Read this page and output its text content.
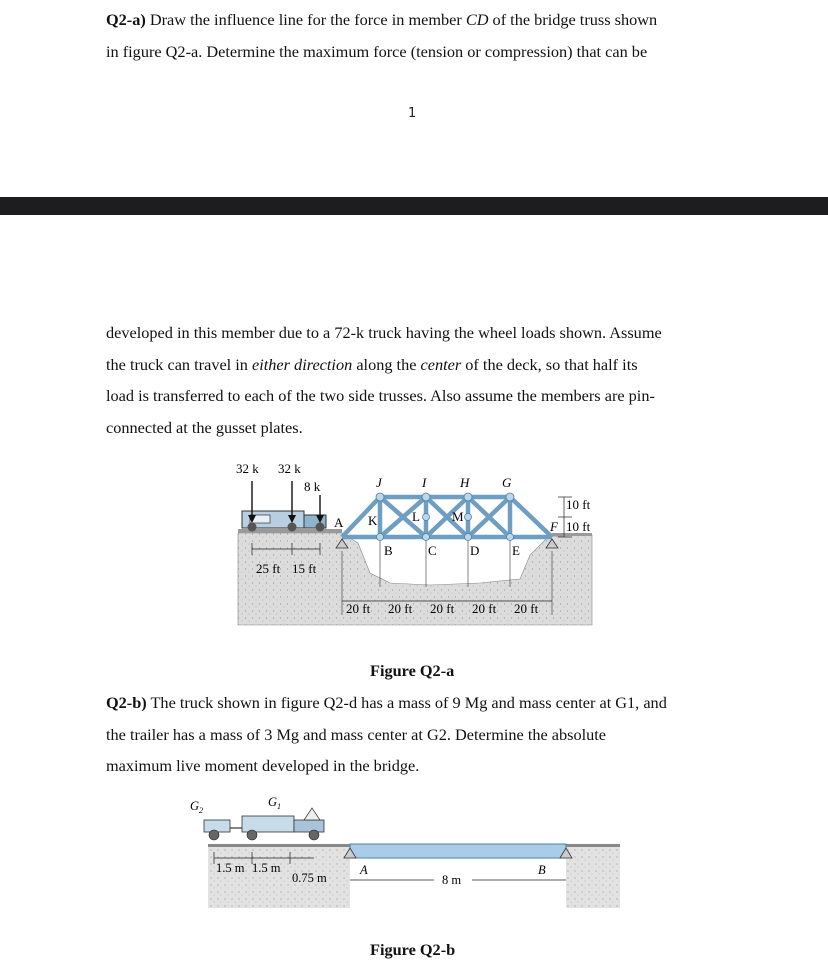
Q2-a) Draw the influence line for the force in member CD of the bridge truss shown
in figure Q2-a. Determine the maximum force (tension or compression) that can be
1
developed in this member due to a 72-k truck having the wheel loads shown. Assume
the truck can travel in either direction along the center of the deck, so that half its
load is transferred to each of the two side trusses. Also assume the members are pin-
connected at the gusset plates.
32 k 32 k
8 k
25 ft 15 ft
J	I	H	G
A K	L M
F
B	C	D	E
10 ft
10 ft
20 ft 20 ft 20 ft 20 ft 20 ft
Figure Q2-a
Q2-b) The truck shown in figure Q2-d has a mass of 9 Mg and mass center at G1, and
the trailer has a mass of 3 Mg and mass center at G2. Determine the absolute
maximum live moment developed in the bridge.
$G_2$
$G_1$
1.5 m 1.5 m
0.75 m
A	B
8 m
Figure Q2-b
